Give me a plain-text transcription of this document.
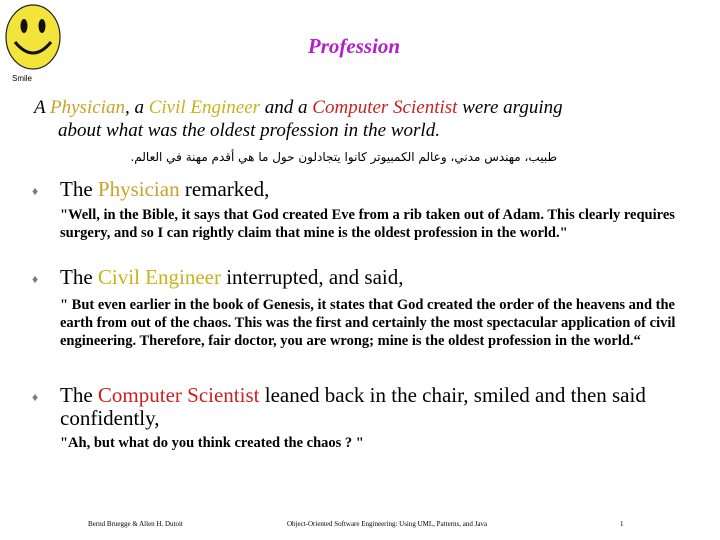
Smile
Profession
A Physician, a Civil Engineer and a Computer Scientist were arguing
about what was the oldest profession in the world.
طبيب، مهندس مدني، وعالم الكمبيوتر كانوا يتجادلون حول ما هي أقدم مهنة في العالم.
♦ The Physician remarked,
"Well, in the Bible, it says that God created Eve from a rib taken out of Adam. This clearly requires surgery, and so I can rightly claim that mine is the oldest profession in the world."
♦ The Civil Engineer interrupted, and said,
" But even earlier in the book of Genesis, it states that God created the order of the heavens and the earth from out of the chaos. This was the first and certainly the most spectacular application of civil engineering. Therefore, fair doctor, you are wrong; mine is the oldest profession in the world.“
♦ The Computer Scientist leaned back in the chair, smiled and then said confidently,
"Ah, but what do you think created the chaos ? "
Bernd Bruegge & Allen H. Dutoit	Object-Oriented Software Engineering: Using UML, Patterns, and Java	1
